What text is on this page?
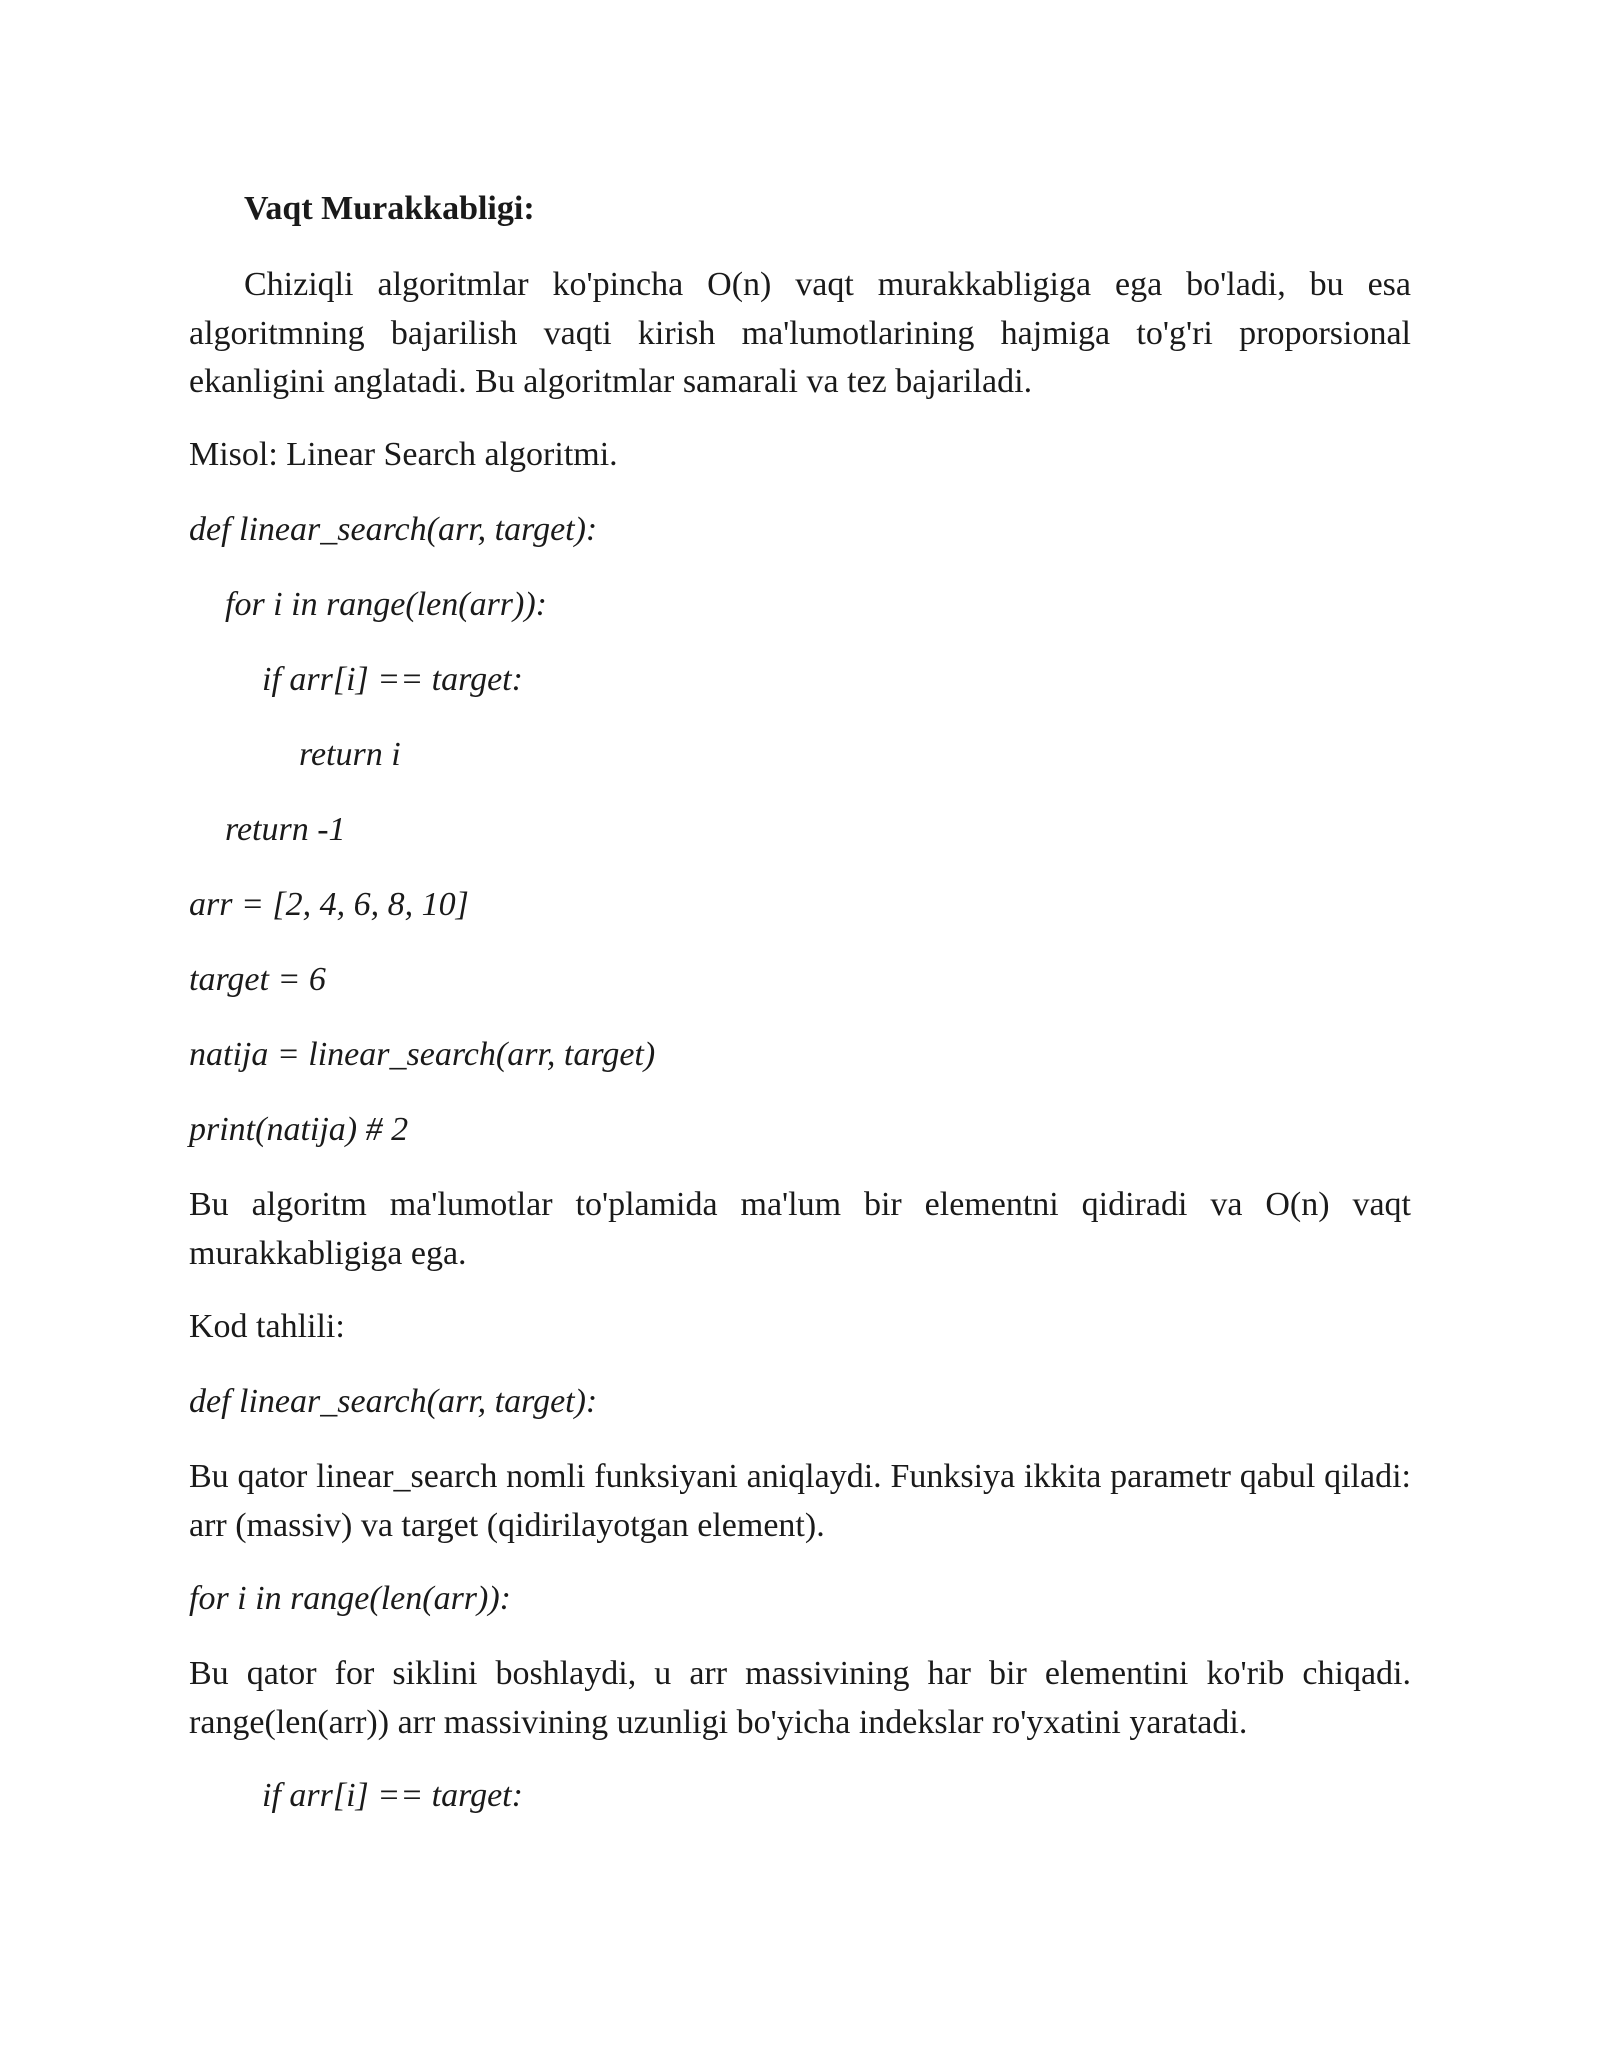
Vaqt Murakkabligi:

Chiziqli algoritmlar ko'pincha O(n) vaqt murakkabligiga ega bo'ladi, bu esa algoritmning bajarilish vaqti kirish ma'lumotlarining hajmiga to'g'ri proporsional ekanligini anglatadi. Bu algoritmlar samarali va tez bajariladi.

Misol: Linear Search algoritmi.
def linear_search(arr, target):
for i in range(len(arr)):
if arr[i] == target:
return i
return -1
arr = [2, 4, 6, 8, 10]
target = 6
natija = linear_search(arr, target)
print(natija) # 2

Bu algoritm ma'lumotlar to'plamida ma'lum bir elementni qidiradi va O(n) vaqt murakkabligiga ega.

Kod tahlili:
def linear_search(arr, target):

Bu qator linear_search nomli funksiyani aniqlaydi. Funksiya ikkita parametr qabul qiladi: arr (massiv) va target (qidirilayotgan element).

for i in range(len(arr)):

Bu qator for siklini boshlaydi, u arr massivining har bir elementini ko'rib chiqadi. range(len(arr)) arr massivining uzunligi bo'yicha indekslar ro'yxatini yaratadi.

if arr[i] == target:
